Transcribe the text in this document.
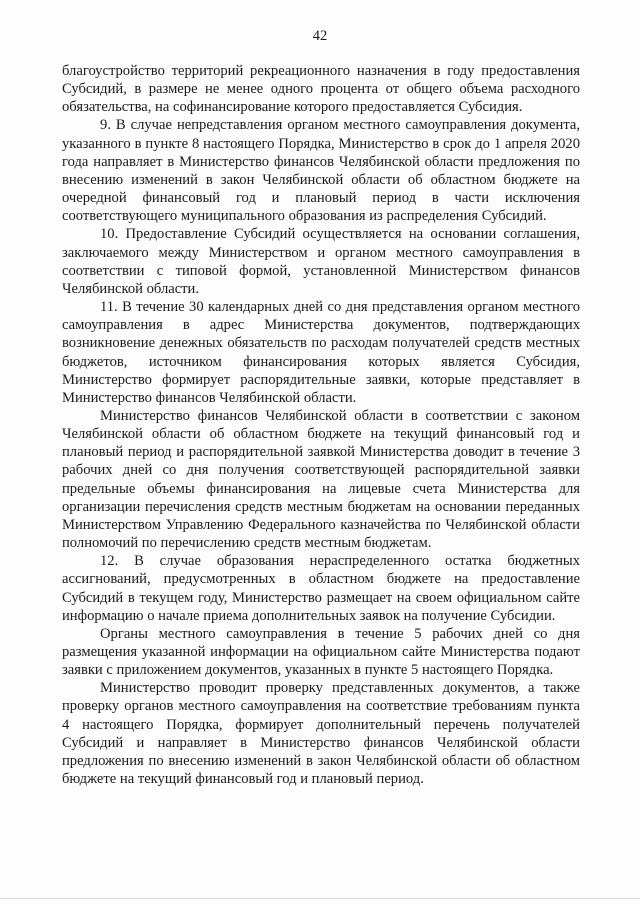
42

благоустройство территорий рекреационного назначения в году предоставления Субсидий, в размере не менее одного процента от общего объема расходного обязательства, на софинансирование которого предоставляется Субсидия.

9. В случае непредставления органом местного самоуправления документа, указанного в пункте 8 настоящего Порядка, Министерство в срок до 1 апреля 2020 года направляет в Министерство финансов Челябинской области предложения по внесению изменений в закон Челябинской области об областном бюджете на очередной финансовый год и плановый период в части исключения соответствующего муниципального образования из распределения Субсидий.

10. Предоставление Субсидий осуществляется на основании соглашения, заключаемого между Министерством и органом местного самоуправления в соответствии с типовой формой, установленной Министерством финансов Челябинской области.

11. В течение 30 календарных дней со дня представления органом местного самоуправления в адрес Министерства документов, подтверждающих возникновение денежных обязательств по расходам получателей средств местных бюджетов, источником финансирования которых является Субсидия, Министерство формирует распорядительные заявки, которые представляет в Министерство финансов Челябинской области.

Министерство финансов Челябинской области в соответствии с законом Челябинской области об областном бюджете на текущий финансовый год и плановый период и распорядительной заявкой Министерства доводит в течение 3 рабочих дней со дня получения соответствующей распорядительной заявки предельные объемы финансирования на лицевые счета Министерства для организации перечисления средств местным бюджетам на основании переданных Министерством Управлению Федерального казначейства по Челябинской области полномочий по перечислению средств местным бюджетам.

12. В случае образования нераспределенного остатка бюджетных ассигнований, предусмотренных в областном бюджете на предоставление Субсидий в текущем году, Министерство размещает на своем официальном сайте информацию о начале приема дополнительных заявок на получение Субсидии.

Органы местного самоуправления в течение 5 рабочих дней со дня размещения указанной информации на официальном сайте Министерства подают заявки с приложением документов, указанных в пункте 5 настоящего Порядка.

Министерство проводит проверку представленных документов, а также проверку органов местного самоуправления на соответствие требованиям пункта 4 настоящего Порядка, формирует дополнительный перечень получателей Субсидий и направляет в Министерство финансов Челябинской области предложения по внесению изменений в закон Челябинской области об областном бюджете на текущий финансовый год и плановый период.
